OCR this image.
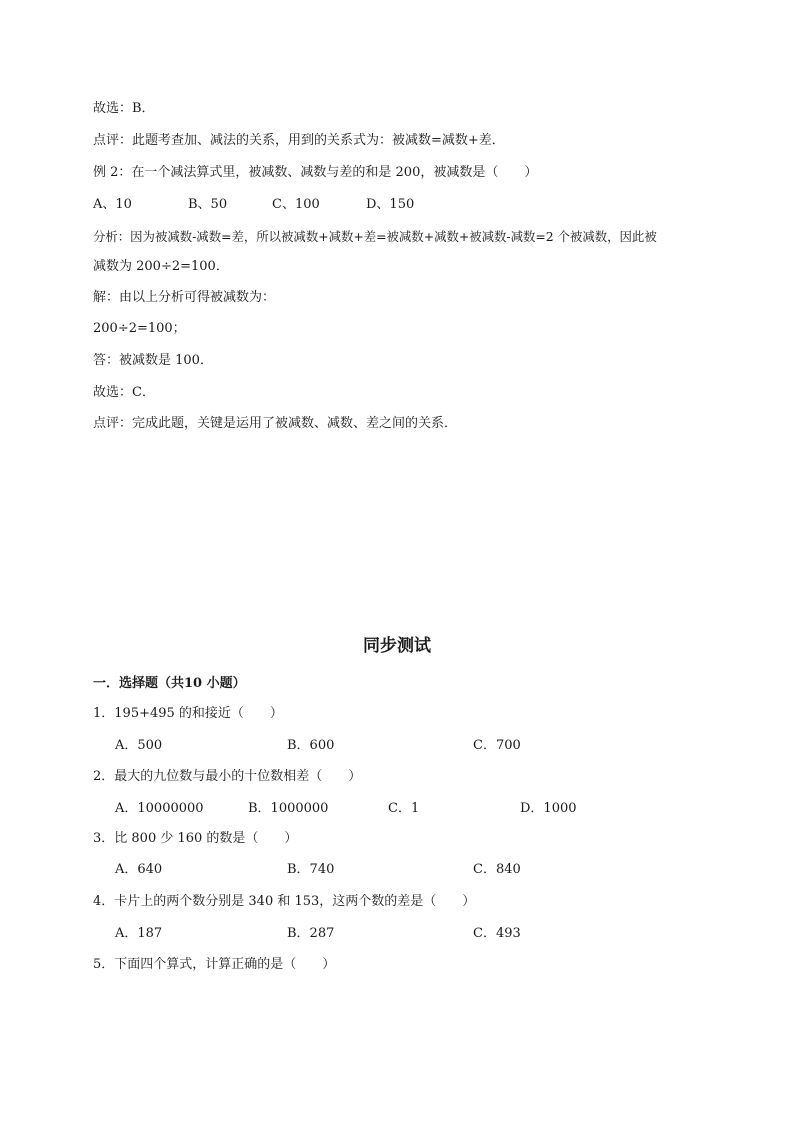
故选：B．
点评：此题考查加、减法的关系，用到的关系式为：被减数=减数+差．
例 2：在一个减法算式里，被减数、减数与差的和是 200，被减数是（　　）
A、10	B、50	C、100	D、150
分析：因为被减数-减数=差，所以被减数+减数+差=被减数+减数+被减数-减数=2 个被减数，因此被
减数为 200÷2=100．
解：由以上分析可得被减数为：
200÷2=100；
答：被减数是 100．
故选：C．
点评：完成此题，关键是运用了被减数、减数、差之间的关系．
同步测试
一．选择题（共10 小题）
1．195+495 的和接近（　　）
A．500	B．600	C．700
2．最大的九位数与最小的十位数相差（　　）
A．10000000	B．1000000	C．1	D．1000
3．比 800 少 160 的数是（　　）
A．640	B．740	C．840
4．卡片上的两个数分别是 340 和 153，这两个数的差是（　　）
A．187	B．287	C．493
5．下面四个算式，计算正确的是（　　）
